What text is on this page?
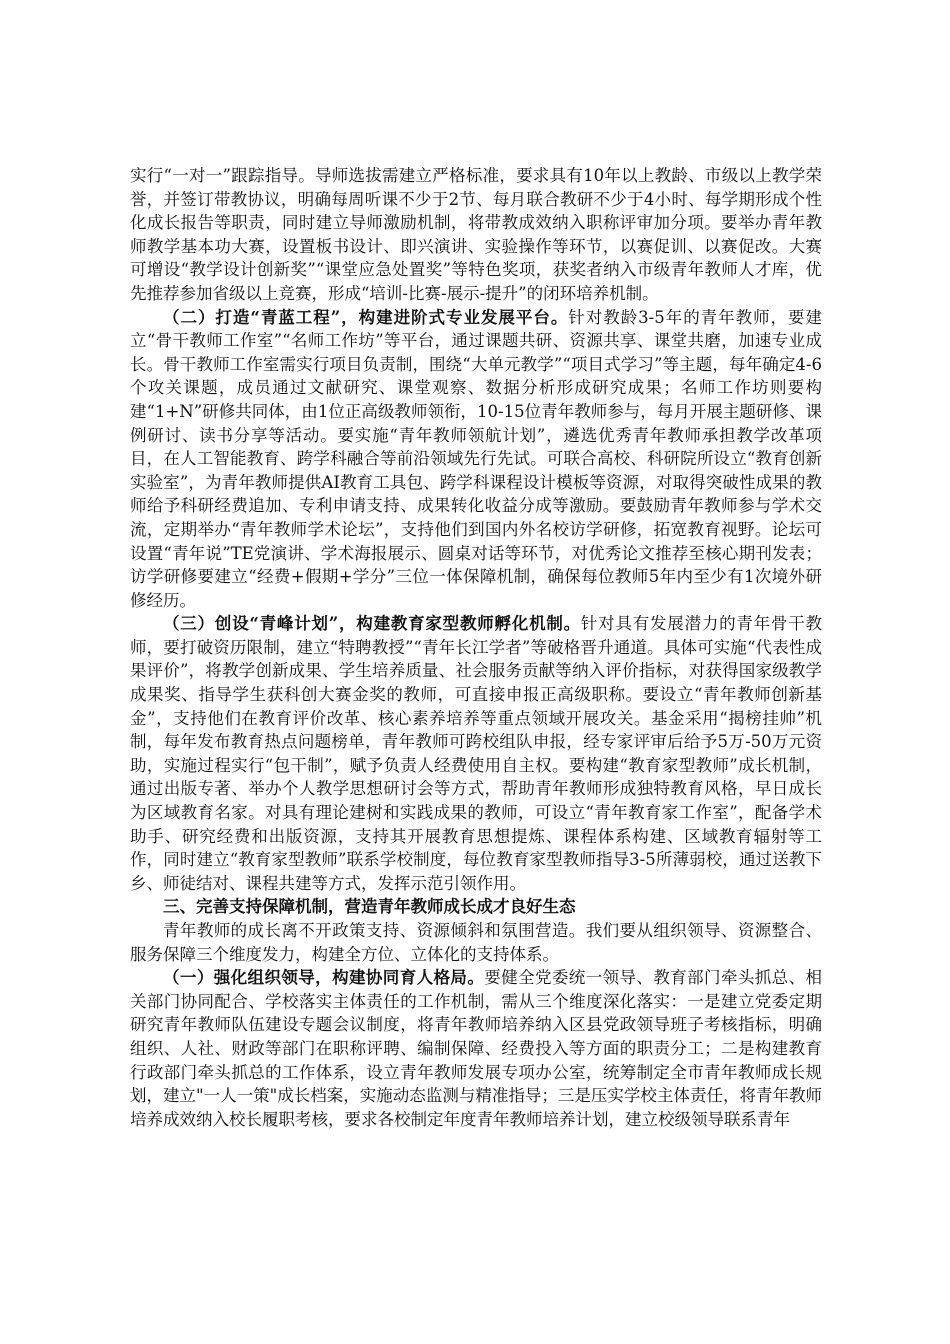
实行“一对一”跟踪指导。导师选拔需建立严格标准，要求具有10年以上教龄、市级以上教学荣誉，并签订带教协议，明确每周听课不少于2节、每月联合教研不少于4小时、每学期形成个性化成长报告等职责，同时建立导师激励机制，将带教成效纳入职称评审加分项。要举办青年教师教学基本功大赛，设置板书设计、即兴演讲、实验操作等环节，以赛促训、以赛促改。大赛可增设“教学设计创新奖”“课堂应急处置奖”等特色奖项，获奖者纳入市级青年教师人才库，优先推荐参加省级以上竞赛，形成“培训-比赛-展示-提升”的闭环培养机制。

（二）打造“青蓝工程”，构建进阶式专业发展平台。针对教龄3-5年的青年教师，要建立“骨干教师工作室”“名师工作坊”等平台，通过课题共研、资源共享、课堂共磨，加速专业成长。骨干教师工作室需实行项目负责制，围绕“大单元教学”“项目式学习”等主题，每年确定4-6个攻关课题，成员通过文献研究、课堂观察、数据分析形成研究成果；名师工作坊则要构建“1+N”研修共同体，由1位正高级教师领衔，10-15位青年教师参与，每月开展主题研修、课例研讨、读书分享等活动。要实施“青年教师领航计划”，遴选优秀青年教师承担教学改革项目，在人工智能教育、跨学科融合等前沿领域先行先试。可联合高校、科研院所设立“教育创新实验室”，为青年教师提供AI教育工具包、跨学科课程设计模板等资源，对取得突破性成果的教师给予科研经费追加、专利申请支持、成果转化收益分成等激励。要鼓励青年教师参与学术交流，定期举办“青年教师学术论坛”，支持他们到国内外名校访学研修，拓宽教育视野。论坛可设置“青年说”TE党演讲、学术海报展示、圆桌对话等环节，对优秀论文推荐至核心期刊发表；访学研修要建立“经费+假期+学分”三位一体保障机制，确保每位教师5年内至少有1次境外研修经历。

（三）创设“青峰计划”，构建教育家型教师孵化机制。针对具有发展潜力的青年骨干教师，要打破资历限制，建立“特聘教授”“青年长江学者”等破格晋升通道。具体可实施“代表性成果评价”，将教学创新成果、学生培养质量、社会服务贡献等纳入评价指标，对获得国家级教学成果奖、指导学生获科创大赛金奖的教师，可直接申报正高级职称。要设立“青年教师创新基金”，支持他们在教育评价改革、核心素养培养等重点领域开展攻关。基金采用“揭榜挂帅”机制，每年发布教育热点问题榜单，青年教师可跨校组队申报，经专家评审后给予5万-50万元资助，实施过程实行“包干制”，赋予负责人经费使用自主权。要构建“教育家型教师”成长机制，通过出版专著、举办个人教学思想研讨会等方式，帮助青年教师形成独特教育风格，早日成长为区域教育名家。对具有理论建树和实践成果的教师，可设立“青年教育家工作室”，配备学术助手、研究经费和出版资源，支持其开展教育思想提炼、课程体系构建、区域教育辐射等工作，同时建立“教育家型教师”联系学校制度，每位教育家型教师指导3-5所薄弱校，通过送教下乡、师徒结对、课程共建等方式，发挥示范引领作用。

三、完善支持保障机制，营造青年教师成长成才良好生态

青年教师的成长离不开政策支持、资源倾斜和氛围营造。我们要从组织领导、资源整合、服务保障三个维度发力，构建全方位、立体化的支持体系。

（一）强化组织领导，构建协同育人格局。要健全党委统一领导、教育部门牵头抓总、相关部门协同配合、学校落实主体责任的工作机制，需从三个维度深化落实：一是建立党委定期研究青年教师队伍建设专题会议制度，将青年教师培养纳入区县党政领导班子考核指标，明确组织、人社、财政等部门在职称评聘、编制保障、经费投入等方面的职责分工；二是构建教育行政部门牵头抓总的工作体系，设立青年教师发展专项办公室，统筹制定全市青年教师成长规划，建立"一人一策"成长档案，实施动态监测与精准指导；三是压实学校主体责任，将青年教师培养成效纳入校长履职考核，要求各校制定年度青年教师培养计划，建立校级领导联系青年
